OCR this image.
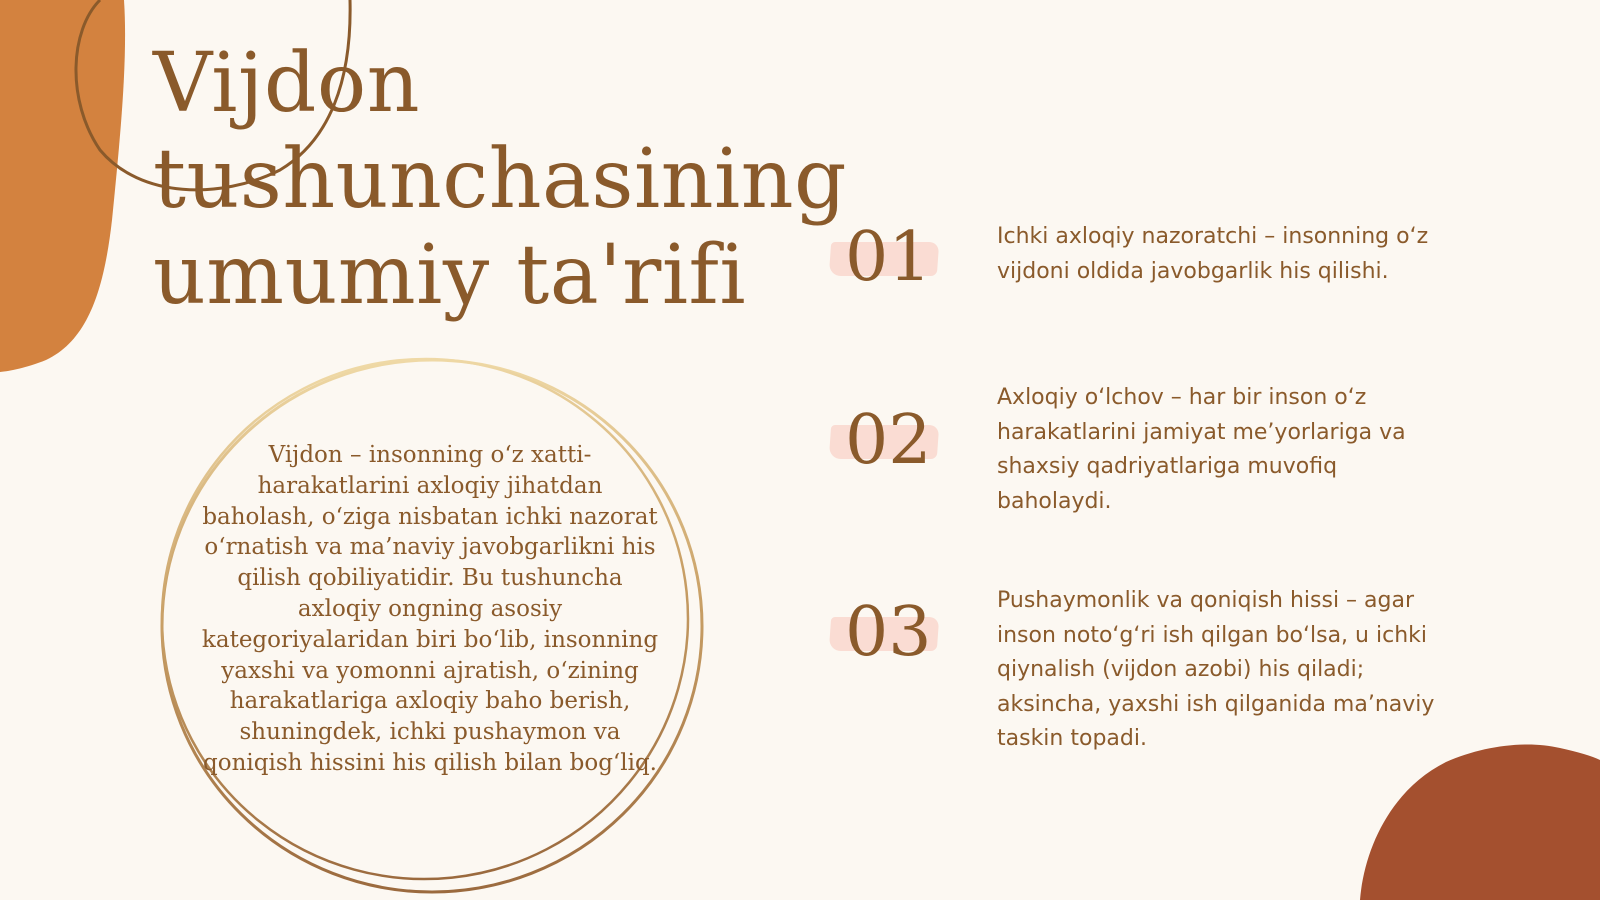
Vijdon
tushunchasining
umumiy ta'rifi

Vijdon – insonning o‘z xatti-harakatlarini axloqiy jihatdan baholash, o‘ziga nisbatan ichki nazorat o‘rnatish va ma’naviy javobgarlikni his qilish qobiliyatidir. Bu tushuncha axloqiy ongning asosiy kategoriyalaridan biri bo‘lib, insonning yaxshi va yomonni ajratish, o‘zining harakatlariga axloqiy baho berish, shuningdek, ichki pushaymon va qoniqish hissini his qilish bilan bog‘liq.

01	Ichki axloqiy nazoratchi – insonning o‘z vijdoni oldida javobgarlik his qilishi.

02

Axloqiy o‘lchov – har bir inson o‘z harakatlarini jamiyat me’yorlariga va shaxsiy qadriyatlariga muvofiq baholaydi.

03	Pushaymonlik va qoniqish hissi – agar inson noto‘g‘ri ish qilgan bo‘lsa, u ichki qiynalish (vijdon azobi) his qiladi; aksincha, yaxshi ish qilganida ma’naviy taskin topadi.
